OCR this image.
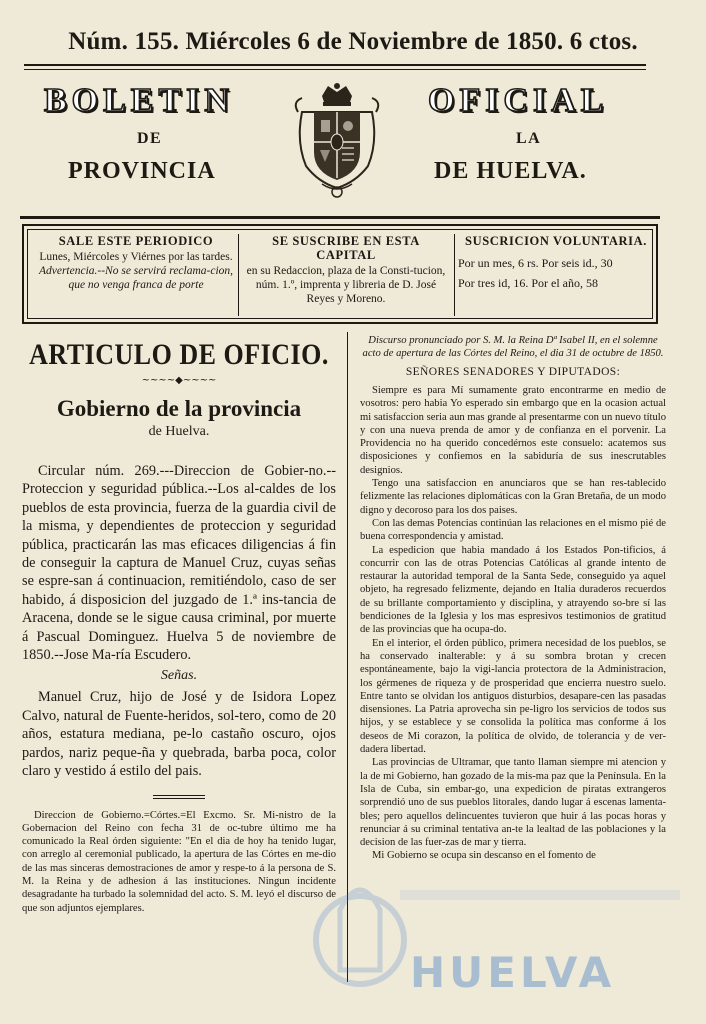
Núm. 155. Miércoles 6 de Noviembre de 1850. 6 ctos.
BOLETIN	OFICIAL
DE	LA
PROVINCIA	DE HUELVA.
SALE ESTE PERIODICO
Lunes, Miércoles y Viérnes por las tardes.
Advertencia.--No se servirá reclama-cion, que no venga franca de porte
SE SUSCRIBE EN ESTA CAPITAL
en su Redaccion, plaza de la Consti-tucion, núm. 1.º, imprenta y libreria de D. José Reyes y Moreno.
SUSCRICION VOLUNTARIA.
Por un mes, 6 rs. Por seis id., 30
Por tres id, 16. Por el año, 58
ARTICULO DE OFICIO.
~~~~◆~~~~
Gobierno de la provincia
de Huelva.

Circular núm. 269.---Direccion de Gobier-no.--Proteccion y seguridad pública.--Los al-caldes de los pueblos de esta provincia, fuerza de la guardia civil de la misma, y dependientes de proteccion y seguridad pública, practicarán las mas eficaces diligencias á fin de conseguir la captura de Manuel Cruz, cuyas señas se espre-san á continuacion, remitiéndolo, caso de ser habido, á disposicion del juzgado de 1.ª ins-tancia de Aracena, donde se le sigue causa criminal, por muerte á Pascual Dominguez. Huelva 5 de noviembre de 1850.--Jose Ma-ría Escudero.

Señas.

Manuel Cruz, hijo de José y de Isidora Lopez Calvo, natural de Fuente-heridos, sol-tero, como de 20 años, estatura mediana, pe-lo castaño oscuro, ojos pardos, nariz peque-ña y quebrada, barba poca, color claro y vestido á estilo del pais.

Direccion de Gobierno.=Córtes.=El Excmo. Sr. Mi-nistro de la Gobernacion del Reino con fecha 31 de oc-tubre último me ha comunicado la Real órden siguiente: "En el dia de hoy ha tenido lugar, con arreglo al ceremonial publicado, la apertura de las Córtes en me-dio de las mas sinceras demostraciones de amor y respe-to á la persona de S. M. la Reina y de adhesion á las instituciones. Ningun incidente desagradante ha turbado la solemnidad del acto. S. M. leyó el discurso de que son adjuntos ejemplares.

Discurso pronunciado por S. M. la Reina Dª Isabel II, en el solemne acto de apertura de las Córtes del Reino, el dia 31 de octubre de 1850.

SEÑORES SENADORES Y DIPUTADOS:

Siempre es para Mí sumamente grato encontrarme en medio de vosotros: pero habia Yo esperado sin embargo que en la ocasion actual mi satisfaccion seria aun mas grande al presentarme con un nuevo título y con una nueva prenda de amor y de confianza en el porvenir. La Providencia no ha querido concedérnos este consuelo: acatemos sus disposiciones y confiemos en la sabiduría de sus inescrutables designios.

Tengo una satisfaccion en anunciaros que se han res-tablecido felizmente las relaciones diplomáticas con la Gran Bretaña, de un modo digno y decoroso para los dos paises.

Con las demas Potencias continúan las relaciones en el mismo pié de buena correspondencia y amistad.

La espedicion que habia mandado á los Estados Pon-tificios, á concurrir con las de otras Potencias Católicas al grande intento de restaurar la autoridad temporal de la Santa Sede, conseguido ya aquel objeto, ha regresado felizmente, dejando en Italia duraderos recuerdos de su brillante comportamiento y disciplina, y atrayendo so-bre sí las bendiciones de la Iglesia y los mas espresivos testimonios de gratitud de las provincias que ha ocupa-do.

En el interior, el órden público, primera necesidad de los pueblos, se ha conservado inalterable: y á su sombra brotan y crecen espontáneamente, bajo la vigi-lancia protectora de la Administracion, los gérmenes de riqueza y de prosperidad que encierra nuestro suelo. Entre tanto se olvidan los antiguos disturbios, desapare-cen las pasadas disensiones. La Patria aprovecha sin pe-ligro los servicios de todos sus hijos, y se establece y se consolida la política mas conforme á los deseos de Mi corazon, la política de olvido, de tolerancia y de ver-dadera libertad.

Las provincias de Ultramar, que tanto llaman siempre mi atencion y la de mi Gobierno, han gozado de la mis-ma paz que la Península. En la Isla de Cuba, sin embar-go, una expedicion de piratas extrangeros sorprendió uno de sus pueblos litorales, dando lugar á escenas lamenta-bles; pero aquellos delincuentes tuvieron que huir á las pocas horas y renunciar á su criminal tentativa an-te la lealtad de las poblaciones y la decision de las fuer-zas de mar y tierra.

Mi Gobierno se ocupa sin descanso en el fomento de

HUELVA
